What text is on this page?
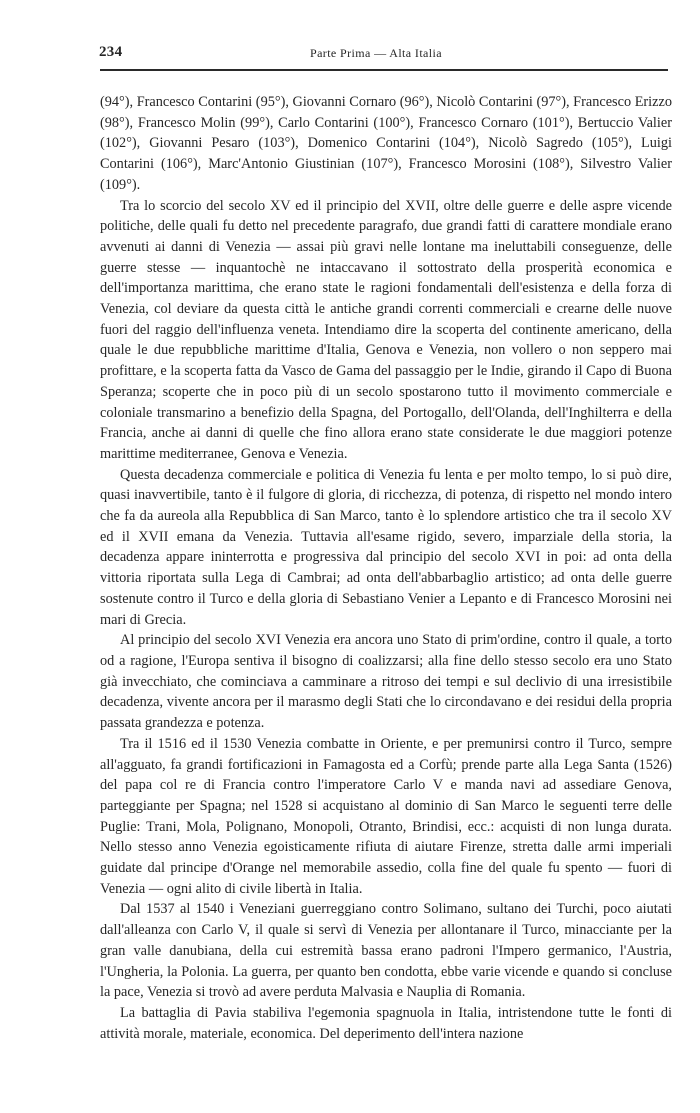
234	Parte Prima — Alta Italia

(94°), Francesco Contarini (95°), Giovanni Cornaro (96°), Nicolò Contarini (97°), Francesco Erizzo (98°), Francesco Molin (99°), Carlo Contarini (100°), Francesco Cornaro (101°), Bertuccio Valier (102°), Giovanni Pesaro (103°), Domenico Contarini (104°), Nicolò Sagredo (105°), Luigi Contarini (106°), Marc'Antonio Giustinian (107°), Francesco Morosini (108°), Silvestro Valier (109°).

Tra lo scorcio del secolo XV ed il principio del XVII, oltre delle guerre e delle aspre vicende politiche, delle quali fu detto nel precedente paragrafo, due grandi fatti di carattere mondiale erano avvenuti ai danni di Venezia — assai più gravi nelle lontane ma ineluttabili conseguenze, delle guerre stesse — inquantochè ne intaccavano il sottostrato della prosperità economica e dell'importanza marittima, che erano state le ragioni fondamentali dell'esistenza e della forza di Venezia, col deviare da questa città le antiche grandi correnti commerciali e crearne delle nuove fuori del raggio dell'influenza veneta. Intendiamo dire la scoperta del continente americano, della quale le due repubbliche marittime d'Italia, Genova e Venezia, non vollero o non seppero mai profittare, e la scoperta fatta da Vasco de Gama del passaggio per le Indie, girando il Capo di Buona Speranza; scoperte che in poco più di un secolo spostarono tutto il movimento commerciale e coloniale transmarino a benefizio della Spagna, del Portogallo, dell'Olanda, dell'Inghilterra e della Francia, anche ai danni di quelle che fino allora erano state considerate le due maggiori potenze marittime mediterranee, Genova e Venezia.

Questa decadenza commerciale e politica di Venezia fu lenta e per molto tempo, lo si può dire, quasi inavvertibile, tanto è il fulgore di gloria, di ricchezza, di potenza, di rispetto nel mondo intero che fa da aureola alla Repubblica di San Marco, tanto è lo splendore artistico che tra il secolo XV ed il XVII emana da Venezia. Tuttavia all'esame rigido, severo, imparziale della storia, la decadenza appare ininterrotta e progressiva dal principio del secolo XVI in poi: ad onta della vittoria riportata sulla Lega di Cambrai; ad onta dell'abbarbaglio artistico; ad onta delle guerre sostenute contro il Turco e della gloria di Sebastiano Venier a Lepanto e di Francesco Morosini nei mari di Grecia.

Al principio del secolo XVI Venezia era ancora uno Stato di prim'ordine, contro il quale, a torto od a ragione, l'Europa sentiva il bisogno di coalizzarsi; alla fine dello stesso secolo era uno Stato già invecchiato, che cominciava a camminare a ritroso dei tempi e sul declivio di una irresistibile decadenza, vivente ancora per il marasmo degli Stati che lo circondavano e dei residui della propria passata grandezza e potenza.

Tra il 1516 ed il 1530 Venezia combatte in Oriente, e per premunirsi contro il Turco, sempre all'agguato, fa grandi fortificazioni in Famagosta ed a Corfù; prende parte alla Lega Santa (1526) del papa col re di Francia contro l'imperatore Carlo V e manda navi ad assediare Genova, parteggiante per Spagna; nel 1528 si acquistano al dominio di San Marco le seguenti terre delle Puglie: Trani, Mola, Polignano, Monopoli, Otranto, Brindisi, ecc.: acquisti di non lunga durata. Nello stesso anno Venezia egoisticamente rifiuta di aiutare Firenze, stretta dalle armi imperiali guidate dal principe d'Orange nel memorabile assedio, colla fine del quale fu spento — fuori di Venezia — ogni alito di civile libertà in Italia.

Dal 1537 al 1540 i Veneziani guerreggiano contro Solimano, sultano dei Turchi, poco aiutati dall'alleanza con Carlo V, il quale si servì di Venezia per allontanare il Turco, minacciante per la gran valle danubiana, della cui estremità bassa erano padroni l'Impero germanico, l'Austria, l'Ungheria, la Polonia. La guerra, per quanto ben condotta, ebbe varie vicende e quando si concluse la pace, Venezia si trovò ad avere perduta Malvasia e Nauplia di Romania.

La battaglia di Pavia stabiliva l'egemonia spagnuola in Italia, intristendone tutte le fonti di attività morale, materiale, economica. Del deperimento dell'intera nazione
